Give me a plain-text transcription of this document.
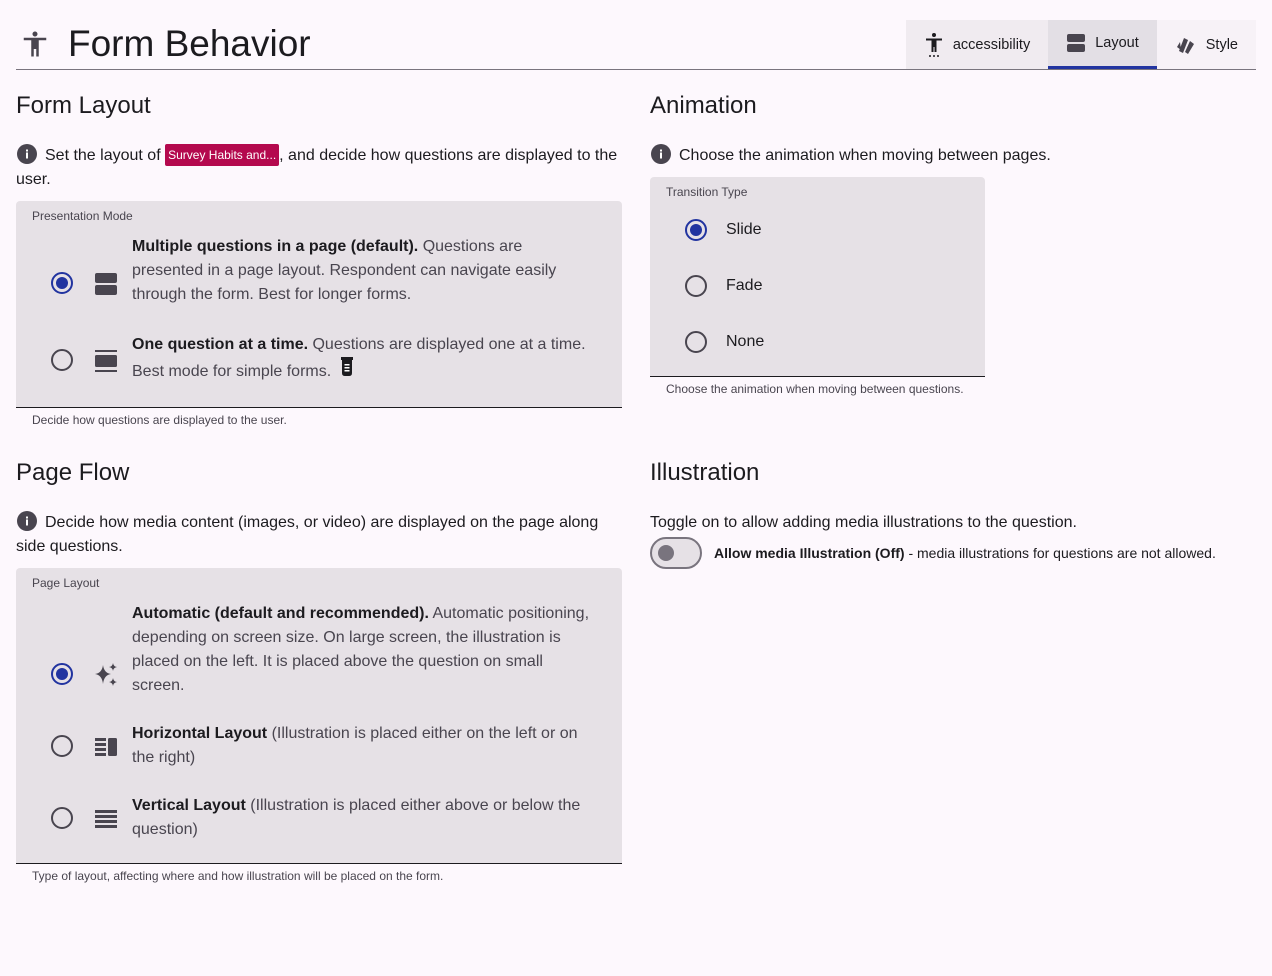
Form Behavior	accessibility	Layout	Style
Form Layout
Set the layout of Survey Habits and... , and decide how questions are displayed to the user.
Presentation Mode
Multiple questions in a page (default). Questions are presented in a page layout. Respondent can navigate easily through the form. Best for longer forms.
One question at a time. Questions are displayed one at a time. Best mode for simple forms.
Decide how questions are displayed to the user.
Animation
Choose the animation when moving between pages.
Transition Type
Slide
Fade
None
Choose the animation when moving between questions.
Page Flow
Decide how media content (images, or video) are displayed on the page along side questions.
Page Layout
Automatic (default and recommended). Automatic positioning, depending on screen size. On large screen, the illustration is placed on the left. It is placed above the question on small screen.
Horizontal Layout (Illustration is placed either on the left or on the right)
Vertical Layout (Illustration is placed either above or below the question)
Type of layout, affecting where and how illustration will be placed on the form.
Illustration
Toggle on to allow adding media illustrations to the question.
Allow media Illustration (Off) - media illustrations for questions are not allowed.
